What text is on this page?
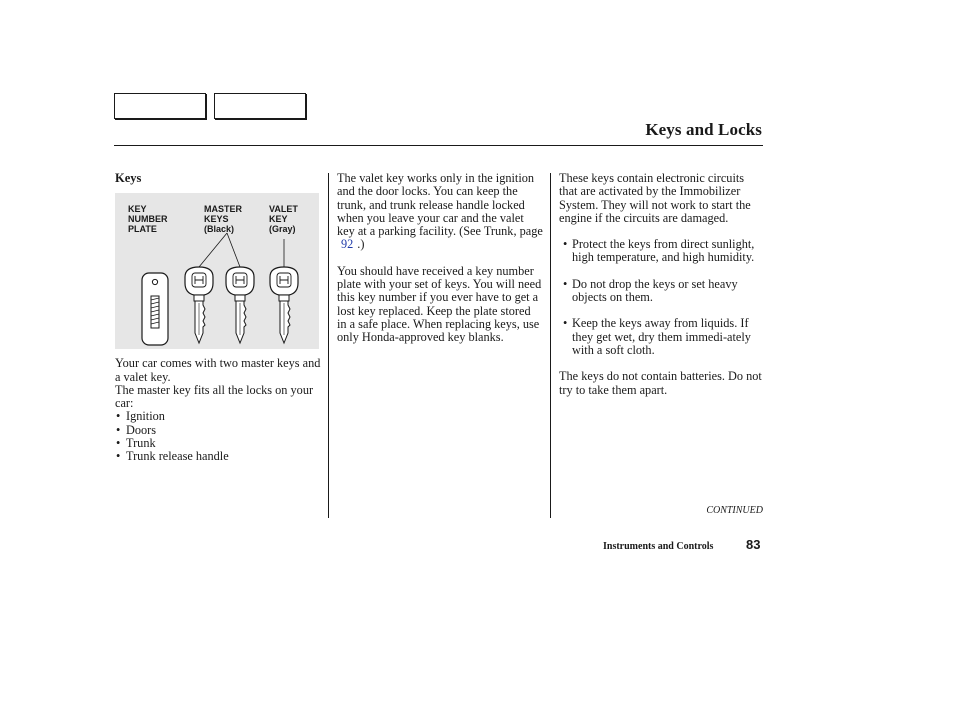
Keys and Locks
Keys
KEY
NUMBER
PLATE
MASTER
KEYS
(Black)
VALET
KEY
(Gray)

Your car comes with two master keys and a valet key.

The master key fits all the locks on your car:

• Ignition
• Doors
• Trunk
• Trunk release handle

The valet key works only in the ignition and the door locks. You can keep the trunk, and trunk release handle locked when you leave your car and the valet key at a parking facility. (See Trunk, page 92 .)

You should have received a key number plate with your set of keys. You will need this key number if you ever have to get a lost key replaced. Keep the plate stored in a safe place. When replacing keys, use only Honda-approved key blanks.

These keys contain electronic circuits that are activated by the Immobilizer System. They will not work to start the engine if the circuits are damaged.

• Protect the keys from direct sunlight, high temperature, and high humidity.
• Do not drop the keys or set heavy objects on them.
• Keep the keys away from liquids. If they get wet, dry them immedi-ately with a soft cloth.

The keys do not contain batteries. Do not try to take them apart.

CONTINUED

Instruments and Controls	83
